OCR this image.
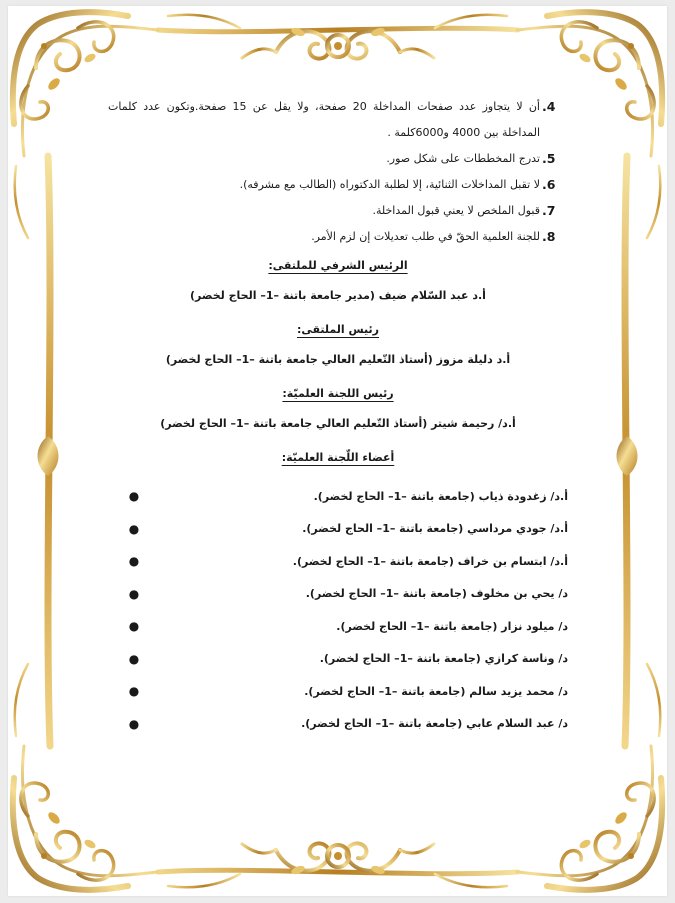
.4
أن لا يتجاوز عدد صفحات المداخلة 20 صفحة، ولا يقل عن 15 صفحة.وتكون عدد كلمات المداخلة بين 4000 و6000كلمة .
.5
تدرج المخططات على شكل صور.
.6
لا تقبل المداخلات الثنائية، إلا لطلبة الدكتوراه (الطالب مع مشرفه).
.7
قبول الملخص لا يعني قبول المداخلة.
.8
للجنة العلمية الحقّ في طلب تعديلات إن لزم الأمر.
الرئيس الشرفي للملتقى:
أ.د عبد السّلام ضيف (مدير جامعة باتنة –1– الحاج لخضر)
رئيس الملتقى:
أ.د دليلة مزوز (أستاذ التّعليم العالي جامعة باتنة –1– الحاج لخضر)
رئيس اللجنة العلميّة:
أ.د/ رحيمة شيتر (أستاذ التّعليم العالي جامعة باتنة –1– الحاج لخضر)
أعضاء اللّجنة العلميّة:
أ.د/ زغدودة ذياب (جامعة باتنة –1– الحاج لخضر).
●
أ.د/ جودي مرداسي (جامعة باتنة –1– الحاج لخضر).
●
أ.د/ ابتسام بن خراف (جامعة باتنة –1– الحاج لخضر).
●
د/ يحي بن مخلوف (جامعة باتنة –1– الحاج لخضر).
●
د/ ميلود نزار (جامعة باتنة –1– الحاج لخضر).
●
د/ وناسة كرازي (جامعة باتنة –1– الحاج لخضر).
●
د/ محمد يزيد سالم (جامعة باتنة –1– الحاج لخضر).
●
د/ عبد السلام عابي (جامعة باتنة –1– الحاج لخضر).
●
